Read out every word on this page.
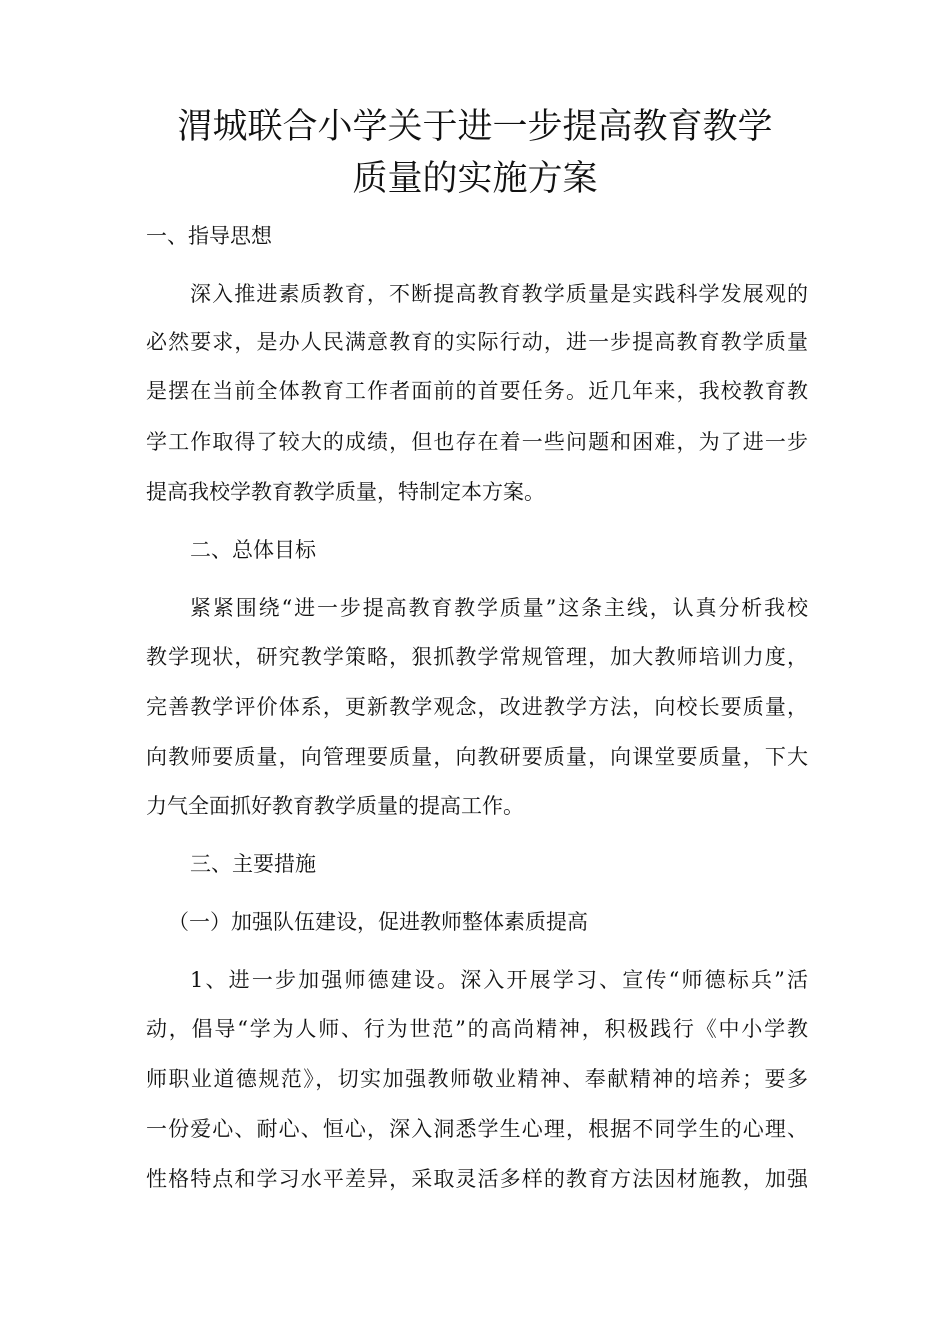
渭城联合小学关于进一步提高教育教学
质量的实施方案
一、指导思想
深入推进素质教育，不断提高教育教学质量是实践科学发展观的
必然要求，是办人民满意教育的实际行动，进一步提高教育教学质量
是摆在当前全体教育工作者面前的首要任务。近几年来，我校教育教
学工作取得了较大的成绩，但也存在着一些问题和困难，为了进一步
提高我校学教育教学质量，特制定本方案。
二、总体目标
紧紧围绕“进一步提高教育教学质量”这条主线，认真分析我校
教学现状，研究教学策略，狠抓教学常规管理，加大教师培训力度，
完善教学评价体系，更新教学观念，改进教学方法，向校长要质量，
向教师要质量，向管理要质量，向教研要质量，向课堂要质量，下大
力气全面抓好教育教学质量的提高工作。
三、主要措施
（一）加强队伍建设，促进教师整体素质提高
1、进一步加强师德建设。深入开展学习、宣传“师德标兵”活
动，倡导“学为人师、行为世范”的高尚精神，积极践行《中小学教
师职业道德规范》，切实加强教师敬业精神、奉献精神的培养；要多
一份爱心、耐心、恒心，深入洞悉学生心理，根据不同学生的心理、
性格特点和学习水平差异，采取灵活多样的教育方法因材施教，加强
